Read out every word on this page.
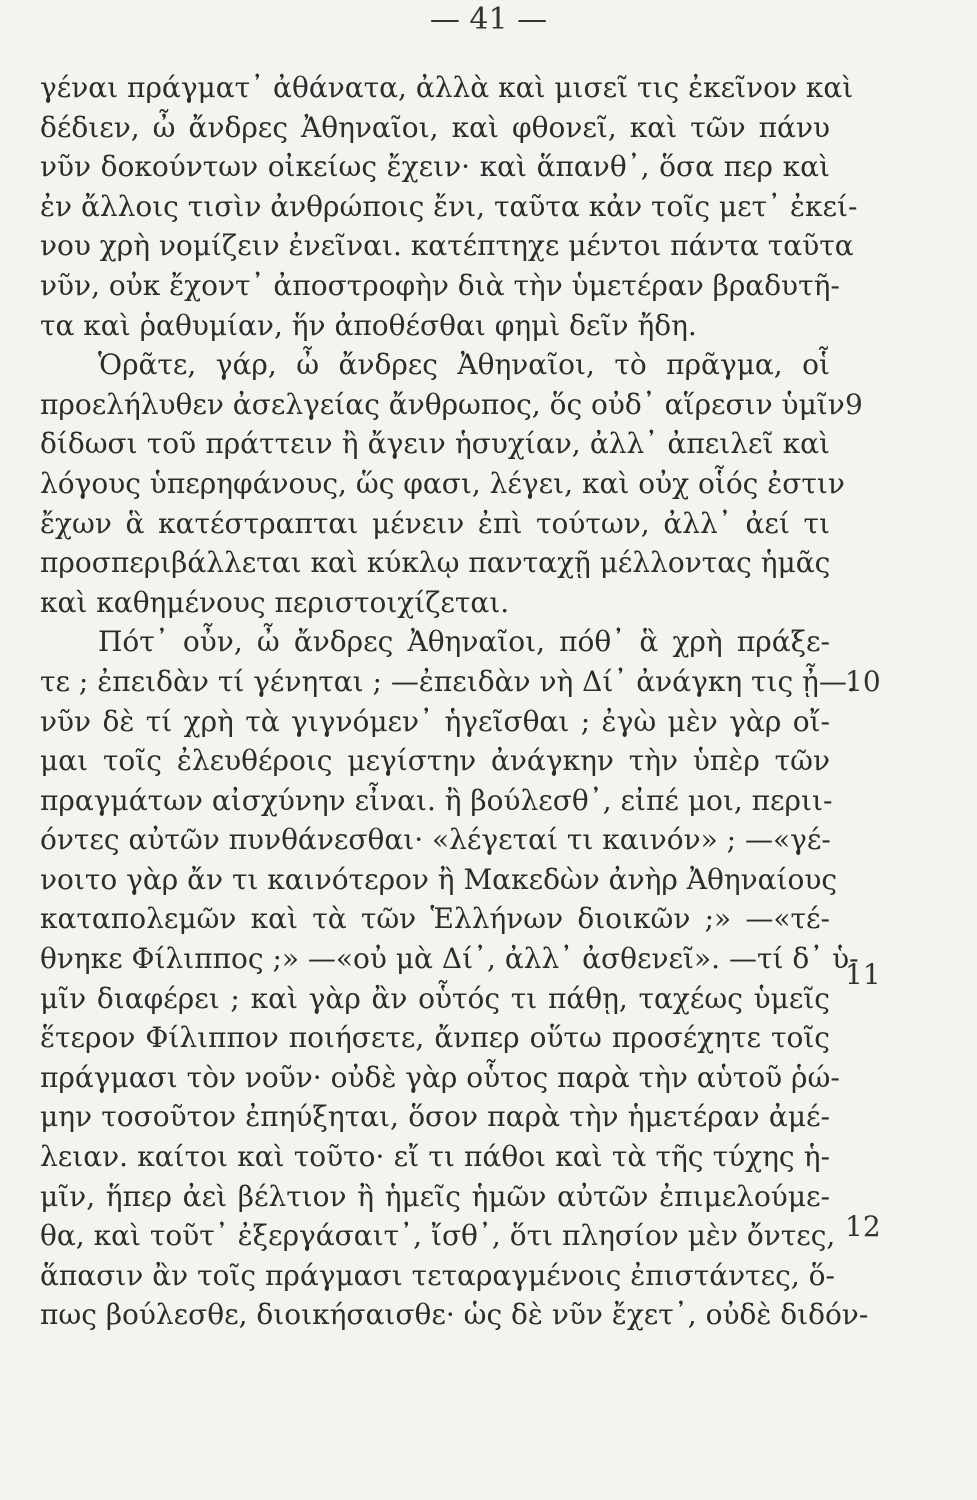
— 41 —
γέναι πράγματ᾽ ἀθάνατα, ἀλλὰ καὶ μισεῖ τις ἐκεῖνον καὶ
δέδιεν, ὦ ἄνδρες Ἀθηναῖοι, καὶ φθονεῖ, καὶ τῶν πάνυ
νῦν δοκούντων οἰκείως ἔχειν· καὶ ἅπανθ᾽, ὅσα περ καὶ
ἐν ἄλλοις τισὶν ἀνθρώποις ἔνι, ταῦτα κἀν τοῖς μετ᾽ ἐκεί-
νου χρὴ νομίζειν ἐνεῖναι. κατέπτηχε μέντοι πάντα ταῦτα
νῦν, οὐκ ἔχοντ᾽ ἀποστροφὴν διὰ τὴν ὑμετέραν βραδυτῆ-
τα καὶ ῥαθυμίαν, ἥν ἀποθέσθαι φημὶ δεῖν ἤδη.
Ὁρᾶτε, γάρ, ὦ ἄνδρες Ἀθηναῖοι, τὸ πρᾶγμα, οἷ
προελήλυθεν ἀσελγείας ἄνθρωπος, ὅς οὐδ᾽ αἵρεσιν ὑμῖν
δίδωσι τοῦ πράττειν ἢ ἄγειν ἡσυχίαν, ἀλλ᾽ ἀπειλεῖ καὶ
λόγους ὑπερηφάνους, ὥς φασι, λέγει, καὶ οὐχ οἷός ἐστιν
ἔχων ἃ κατέστραπται μένειν ἐπὶ τούτων, ἀλλ᾽ ἀεί τι
προσπεριβάλλεται καὶ κύκλῳ πανταχῇ μέλλοντας ἡμᾶς
καὶ καθημένους περιστοιχίζεται.
Πότ᾽ οὖν, ὦ ἄνδρες Ἀθηναῖοι, πόθ᾽ ἃ χρὴ πράξε-
τε ; ἐπειδὰν τί γένηται ; —ἐπειδὰν νὴ Δί᾽ ἀνάγκη τις ᾖ—.
νῦν δὲ τί χρὴ τὰ γιγνόμεν᾽ ἡγεῖσθαι ; ἐγὼ μὲν γὰρ οἴ-
μαι τοῖς ἐλευθέροις μεγίστην ἀνάγκην τὴν ὑπὲρ τῶν
πραγμάτων αἰσχύνην εἶναι. ἢ βούλεσθ᾽, εἰπέ μοι, περιι-
όντες αὐτῶν πυνθάνεσθαι· «λέγεταί τι καινόν» ; —«γέ-
νοιτο γὰρ ἄν τι καινότερον ἢ Μακεδὼν ἀνὴρ Ἀθηναίους
καταπολεμῶν καὶ τὰ τῶν Ἑλλήνων διοικῶν ;» —«τέ-
θνηκε Φίλιππος ;» —«οὐ μὰ Δί᾽, ἀλλ᾽ ἀσθενεῖ». —τί δ᾽ ὑ-
μῖν διαφέρει ; καὶ γὰρ ἂν οὗτός τι πάθῃ, ταχέως ὑμεῖς
ἕτερον Φίλιππον ποιήσετε, ἄνπερ οὕτω προσέχητε τοῖς
πράγμασι τὸν νοῦν· οὐδὲ γὰρ οὗτος παρὰ τὴν αὑτοῦ ῥώ-
μην τοσοῦτον ἐπηύξηται, ὅσον παρὰ τὴν ἡμετέραν ἀμέ-
λειαν. καίτοι καὶ τοῦτο· εἴ τι πάθοι καὶ τὰ τῆς τύχης ἡ-
μῖν, ἥπερ ἀεὶ βέλτιον ἢ ἡμεῖς ἡμῶν αὐτῶν ἐπιμελούμε-
θα, καὶ τοῦτ᾽ ἐξεργάσαιτ᾽, ἴσθ᾽, ὅτι πλησίον μὲν ὄντες,
ἅπασιν ἂν τοῖς πράγμασι τεταραγμένοις ἐπιστάντες, ὅ-
πως βούλεσθε, διοικήσαισθε· ὡς δὲ νῦν ἔχετ᾽, οὐδὲ διδόν-
9
10
11
12
